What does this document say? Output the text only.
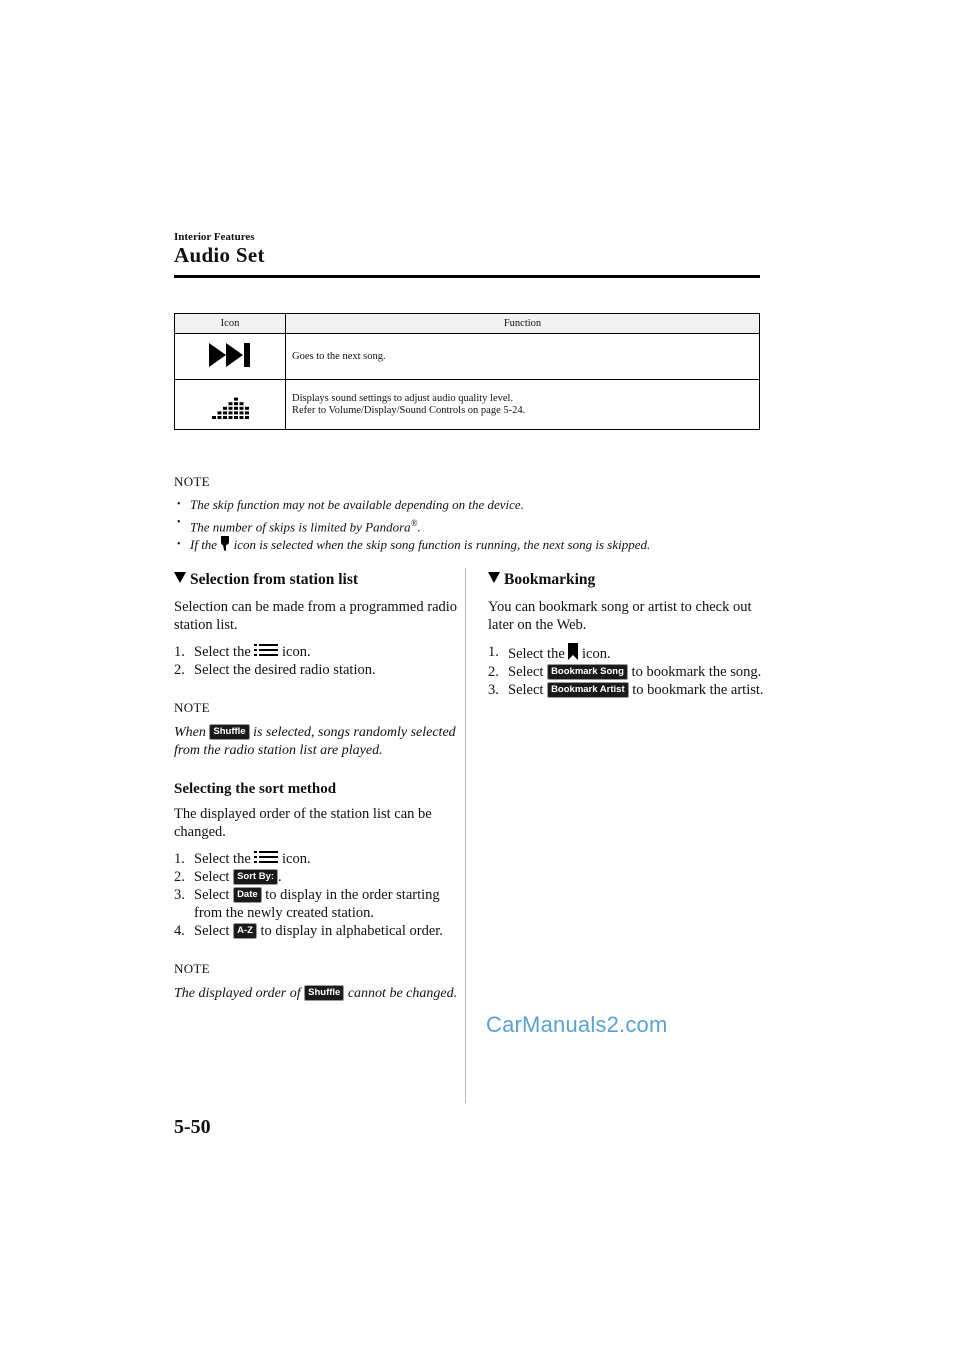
Interior Features
Audio Set
Icon	Function

Goes to the next song.

Displays sound settings to adjust audio quality level.
Refer to Volume/Display/Sound Controls on page 5-24.
NOTE
• The skip function may not be available depending on the device.
• The number of skips is limited by Pandora®.
• If the icon is selected when the skip song function is running, the next song is skipped.
Selection from station list

Selection can be made from a programmed radio station list.

1. Select the icon.

2. Select the desired radio station.

NOTE

When Shuffle is selected, songs randomly selected from the radio station list are played.

Selecting the sort method

The displayed order of the station list can be changed.

1. Select the icon.

2. Select Sort By: .

3. Select Date to display in the order starting from the newly created station.

4. Select A-Z to display in alphabetical order.

NOTE

The displayed order of Shuffle cannot be changed.

Bookmarking

You can bookmark song or artist to check out later on the Web.

1. Select the icon.

2. Select Bookmark Song to bookmark the song.

3. Select Bookmark Artist to bookmark the artist.

CarManuals2.com
5-50
